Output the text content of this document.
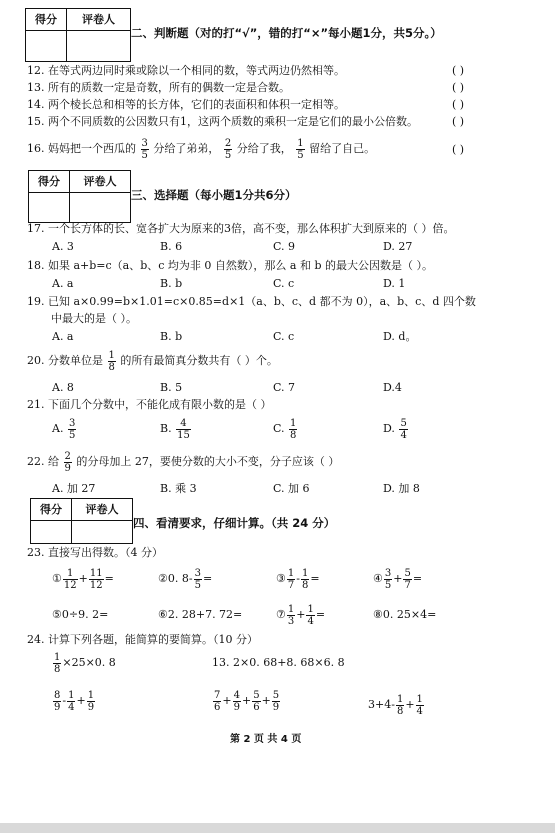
得分	评卷人
二、判断题（对的打“√”，错的打“×”每小题1分，共5分。）
12. 在等式两边同时乘或除以一个相同的数，等式两边仍然相等。	( )
13. 所有的质数一定是奇数，所有的偶数一定是合数。	( )
14. 两个棱长总和相等的长方体，它们的表面积和体积一定相等。	( )
15. 两个不同质数的公因数只有1，这两个质数的乘积一定是它们的最小公倍数。	( )
16. 妈妈把一个西瓜的 $\frac{3}{5}$ 分给了弟弟， $\frac{2}{5}$ 分给了我， $\frac{1}{5}$ 留给了自己。	( )
得分	评卷人
三、选择题（每小题1分共6分）
17. 一个长方体的长、宽各扩大为原来的3倍，高不变，那么体积扩大到原来的（ ）倍。
A. 3	B. 6	C. 9	D. 27
18. 如果 a+b=c（a、b、c 均为非 0 自然数），那么 a 和 b 的最大公因数是（ ）。
A. a	B. b	C. c	D. 1
19. 已知 a×0.99=b×1.01=c×0.85=d×1（a、b、c、d 都不为 0），a、b、c、d 四个数
中最大的是（ ）。
A. a	B. b	C. c	D. d。
20. 分数单位是 $\frac{1}{8}$ 的所有最简真分数共有（ ）个。
A. 8	B. 5	C. 7	D.4
21. 下面几个分数中，不能化成有限小数的是（ ）
A. $\frac{3}{5}$	B. $\frac{4}{15}$	C. $\frac{1}{8}$	D. $\frac{5}{4}$
22. 给 $\frac{2}{9}$ 的分母加上 27，要使分数的大小不变，分子应该（ ）
A. 加 27	B. 乘 3	C. 加 6	D. 加 8
得分	评卷人
四、看清要求，仔细计算。（共 24 分）
23. 直接写出得数。（4 分）
① $\frac{1}{12} + \frac{11}{12}$ =	②0. $8- \frac{3}{5}$ =	③ $\frac{1}{7} - \frac{1}{8}$ =	④ $\frac{3}{5} + \frac{5}{7}$ =
⑤0÷9. 2=	⑥2. 28+7. 72=	⑦ $\frac{1}{3} + \frac{1}{4}$ =	⑧0. 25×4=
24. 计算下列各题，能简算的要简算。（10 分）
$\frac{1}{8} \times 25\times 0$. 8	13. 2×0. 68+8. 68×6. 8
$\frac{8}{9} - \frac{1}{4} + \frac{1}{9}$	$\frac{7}{6} + \frac{4}{9} + \frac{5}{6} + \frac{5}{9}$	$3+4- \frac{1}{8} + \frac{1}{4}$
第 2 页 共 4 页
